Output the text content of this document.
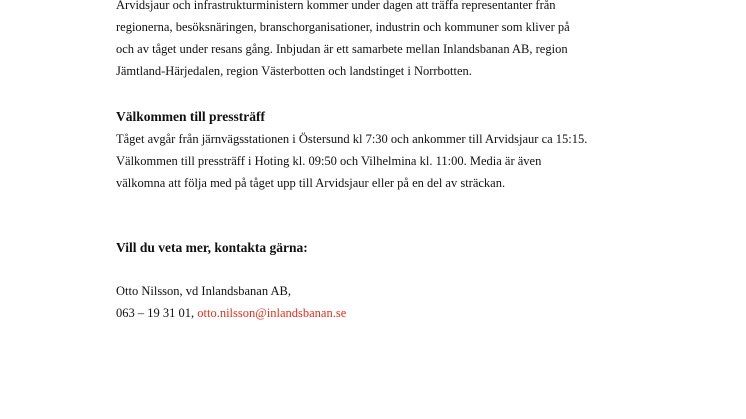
Arvidsjaur och infrastrukturministern kommer under dagen att träffa representanter från

regionerna, besöksnäringen, branschorganisationer, industrin och kommuner som kliver på

och av tåget under resans gång. Inbjudan är ett samarbete mellan Inlandsbanan AB, region

Jämtland-Härjedalen, region Västerbotten och landstinget i Norrbotten.

Välkommen till pressträff

Tåget avgår från järnvägsstationen i Östersund kl 7:30 och ankommer till Arvidsjaur ca 15:15.

Välkommen till pressträff i Hoting kl. 09:50 och Vilhelmina kl. 11:00. Media är även

välkomna att följa med på tåget upp till Arvidsjaur eller på en del av sträckan.

Vill du veta mer, kontakta gärna:

Otto Nilsson, vd Inlandsbanan AB,

063 – 19 31 01, otto.nilsson@inlandsbanan.se
